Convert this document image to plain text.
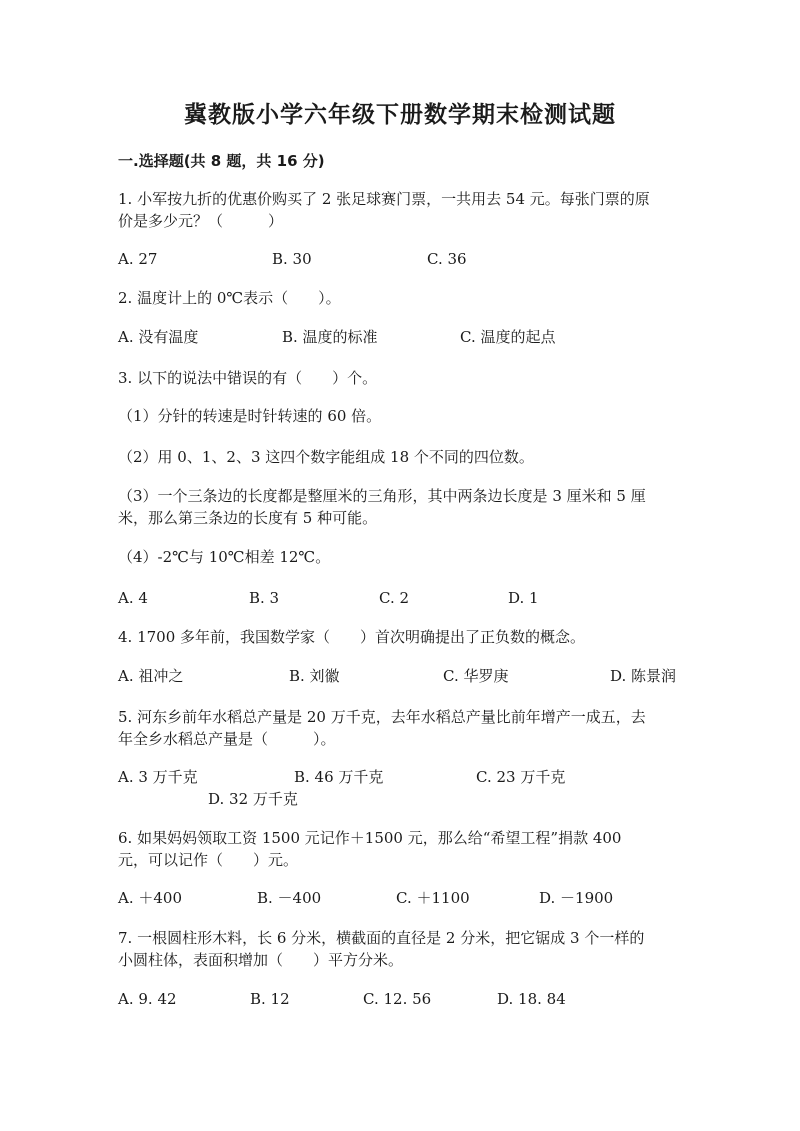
冀教版小学六年级下册数学期末检测试题
一.选择题(共 8 题，共 16 分)
1. 小军按九折的优惠价购买了 2 张足球赛门票，一共用去 54 元。每张门票的原
价是多少元？（　　　）
A. 27	B. 30	C. 36
2. 温度计上的 0℃表示（　　）。
A. 没有温度	B. 温度的标准	C. 温度的起点
3. 以下的说法中错误的有（　　）个。
（1）分针的转速是时针转速的 60 倍。
（2）用 0、1、2、3 这四个数字能组成 18 个不同的四位数。
（3）一个三条边的长度都是整厘米的三角形，其中两条边长度是 3 厘米和 5 厘
米，那么第三条边的长度有 5 种可能。
（4）-2℃与 10℃相差 12℃。
A. 4	B. 3	C. 2	D. 1
4. 1700 多年前，我国数学家（　　）首次明确提出了正负数的概念。
A. 祖冲之	B. 刘徽	C. 华罗庚	D. 陈景润
5. 河东乡前年水稻总产量是 20 万千克，去年水稻总产量比前年增产一成五，去
年全乡水稻总产量是（　　　）。
A. 3 万千克	B. 46 万千克	C. 23 万千克
D. 32 万千克
6. 如果妈妈领取工资 1500 元记作＋1500 元，那么给“希望工程”捐款 400
元，可以记作（　　）元。
A. ＋400	B. －400	C. ＋1100	D. －1900
7. 一根圆柱形木料，长 6 分米，横截面的直径是 2 分米，把它锯成 3 个一样的
小圆柱体，表面积增加（　　）平方分米。
A. 9. 42	B. 12	C. 12. 56	D. 18. 84
